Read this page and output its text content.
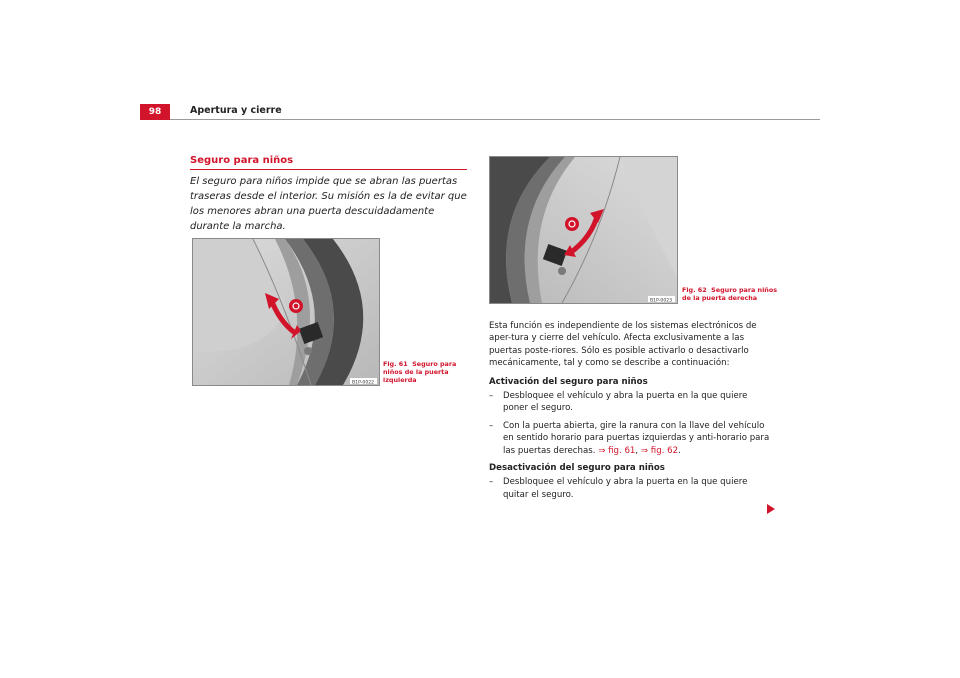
98	Apertura y cierre
Seguro para niños
El seguro para niños impide que se abran las puertas traseras desde el interior. Su misión es la de evitar que los menores abran una puerta descuidadamente durante la marcha.
B1P-0022
Fig. 61 Seguro para niños de la puerta izquierda
B1P-0023
Fig. 62 Seguro para niños de la puerta derecha

Esta función es independiente de los sistemas electrónicos de aper-tura y cierre del vehículo. Afecta exclusivamente a las puertas poste-riores. Sólo es posible activarlo o desactivarlo mecánicamente, tal y como se describe a continuación:

Activación del seguro para niños
– Desbloquee el vehículo y abra la puerta en la que quiere poner el seguro.
– Con la puerta abierta, gire la ranura con la llave del vehículo en sentido horario para puertas izquierdas y anti-horario para las puertas derechas. ⇒ fig. 61, ⇒ fig. 62.
Desactivación del seguro para niños
– Desbloquee el vehículo y abra la puerta en la que quiere quitar el seguro.
